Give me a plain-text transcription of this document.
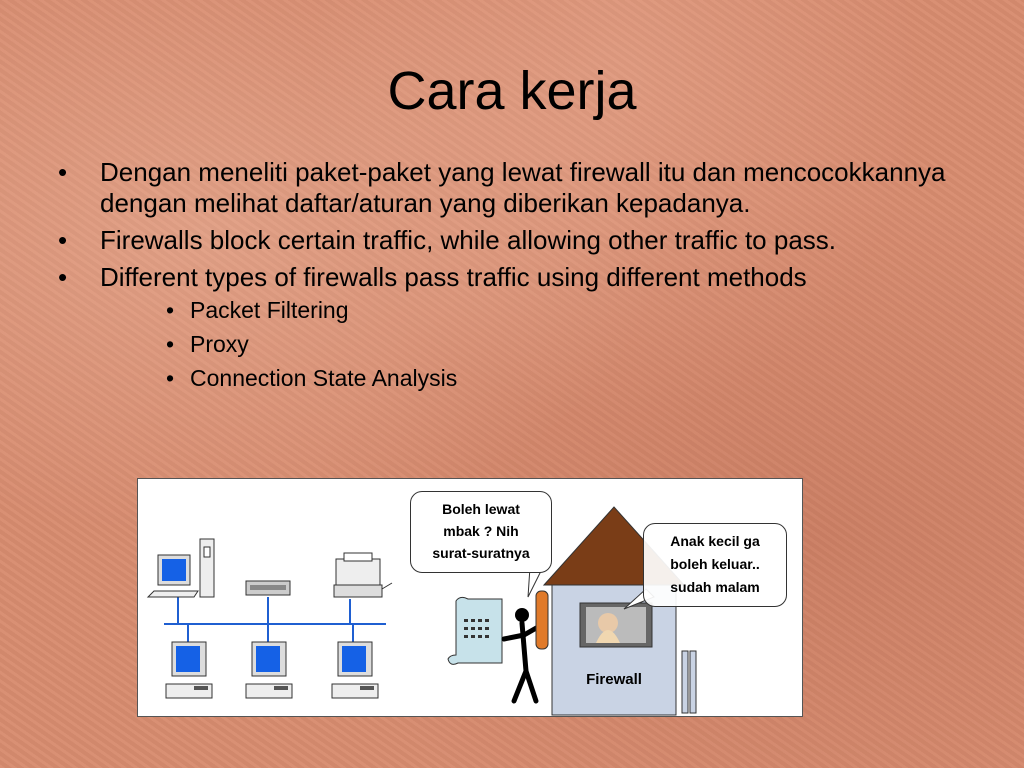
Cara kerja
• Dengan meneliti paket-paket yang lewat firewall itu dan mencocokkannya dengan melihat daftar/aturan yang diberikan kepadanya.
• Firewalls block certain traffic, while allowing other traffic to pass.
• Different types of firewalls pass traffic using different methods
• Packet Filtering
• Proxy
• Connection State Analysis
Boleh lewat
mbak ? Nih
surat-suratnya
Anak kecil ga
boleh keluar..
sudah malam
Firewall
